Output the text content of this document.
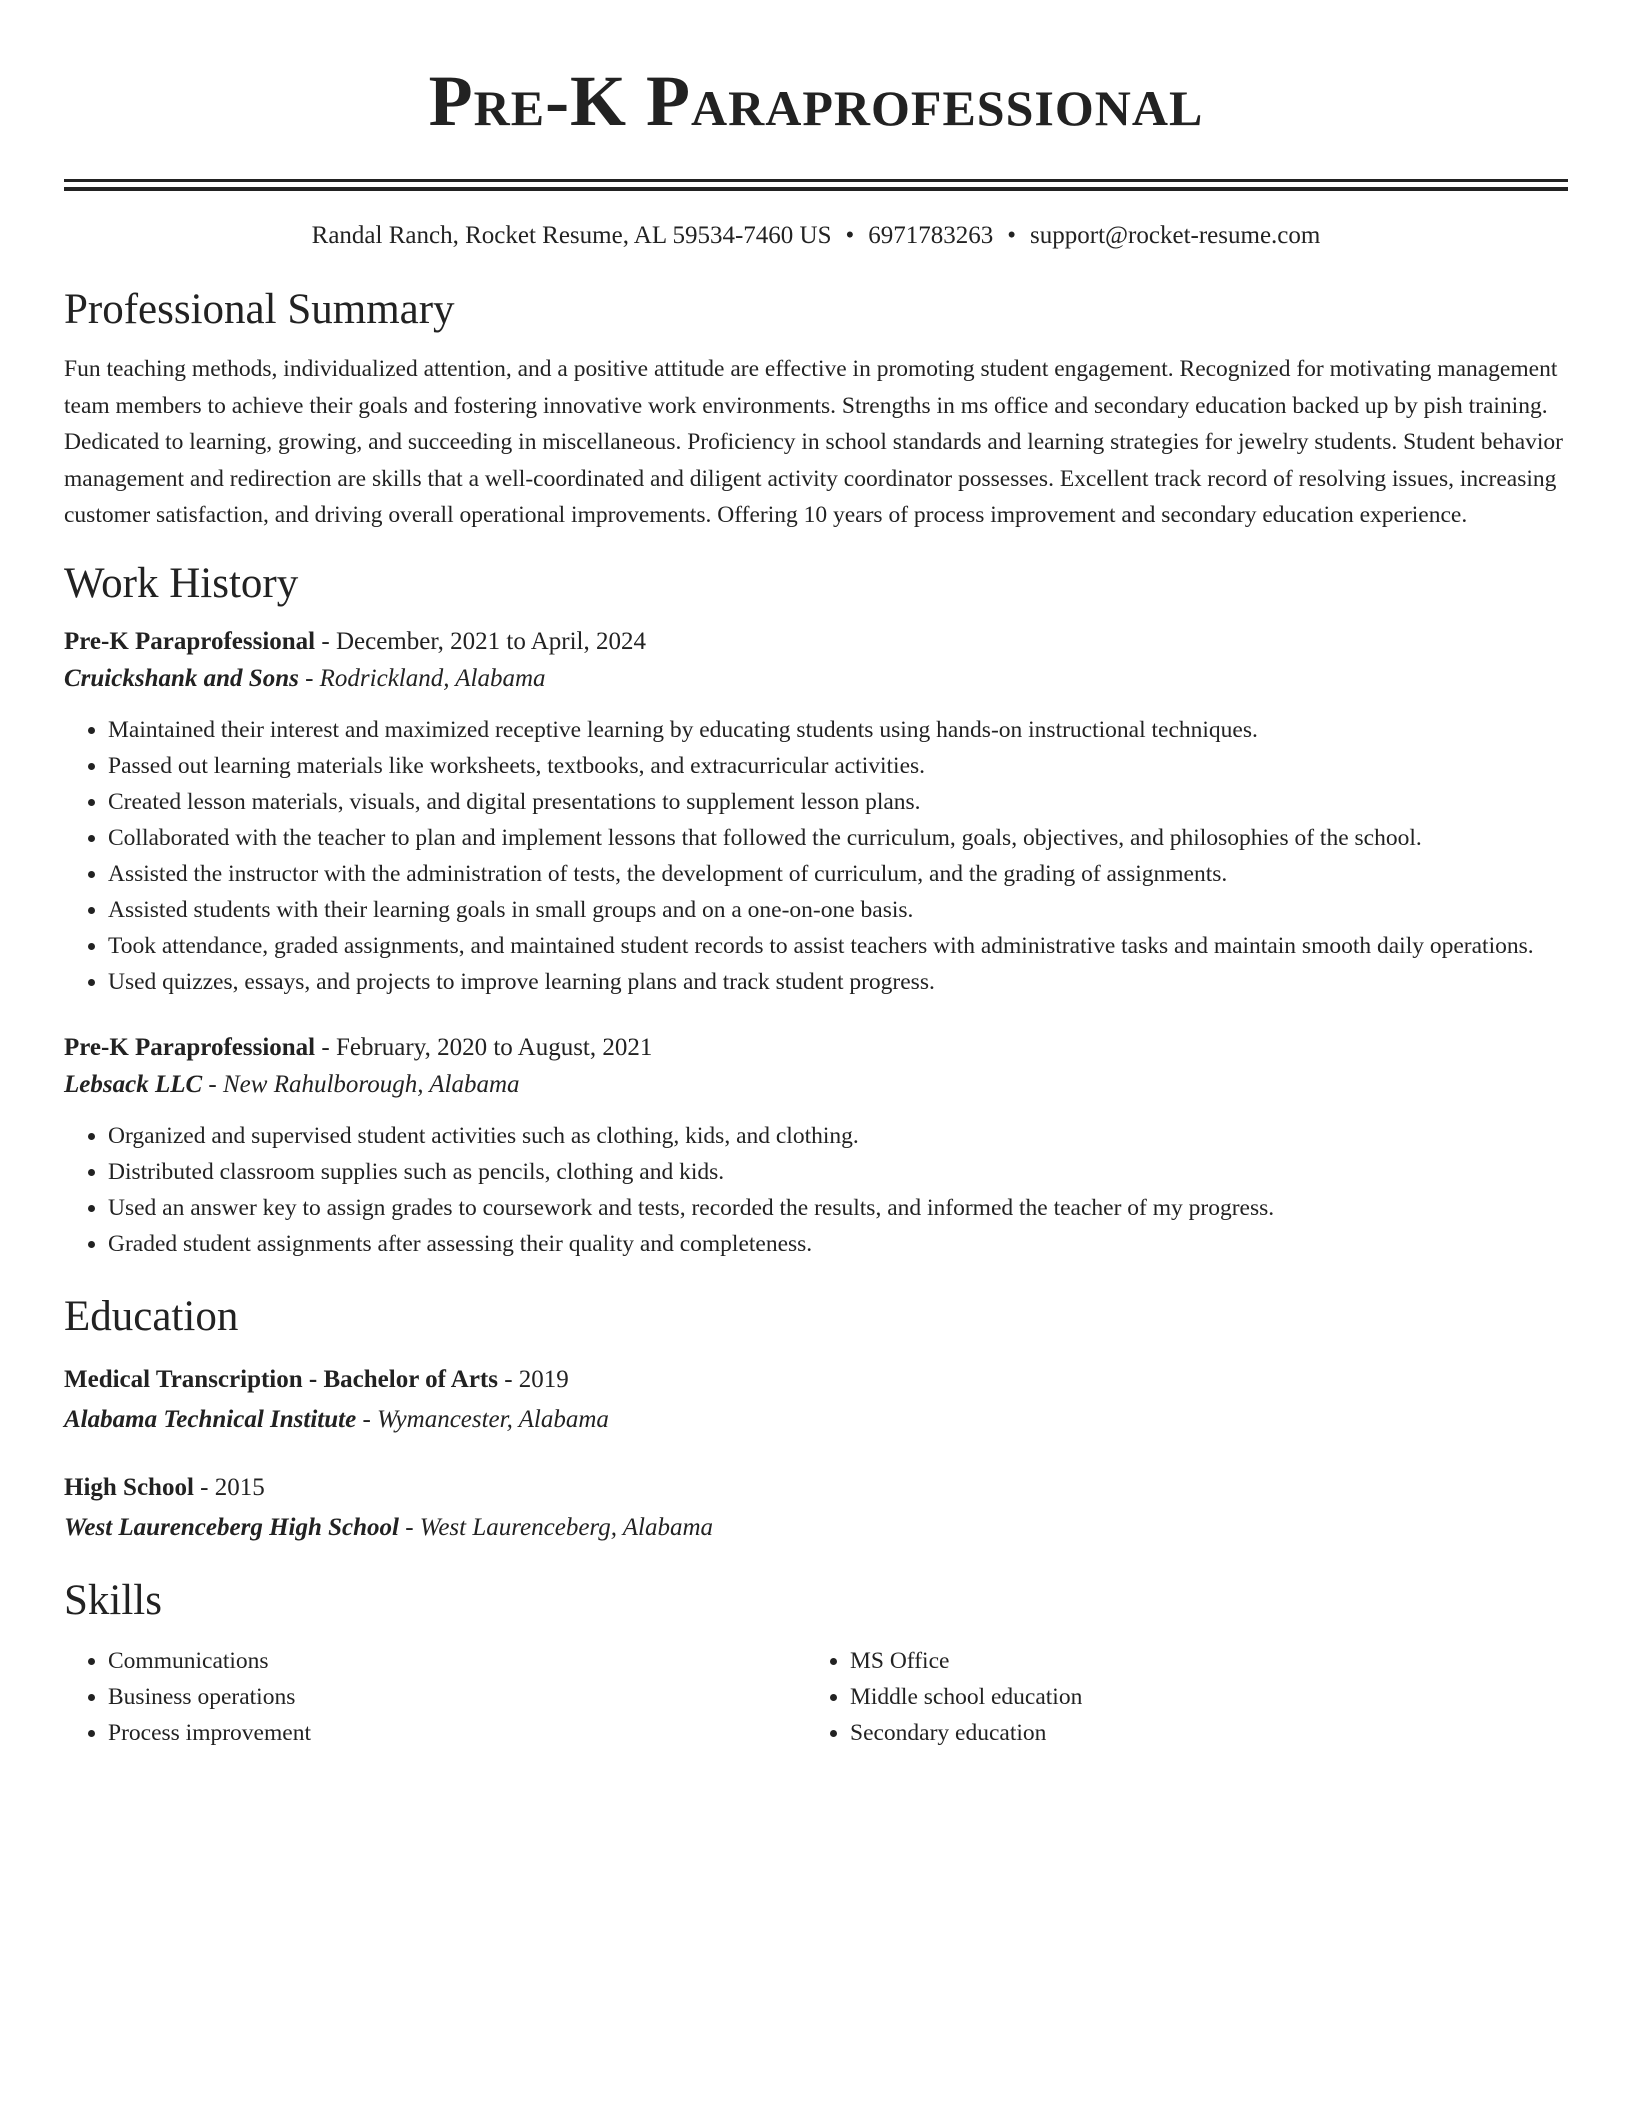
Pre-K Paraprofessional
Randal Ranch, Rocket Resume, AL 59534-7460 US • 6971783263 • support@rocket-resume.com
Professional Summary
Fun teaching methods, individualized attention, and a positive attitude are effective in promoting student engagement. Recognized for motivating management team members to achieve their goals and fostering innovative work environments. Strengths in ms office and secondary education backed up by pish training. Dedicated to learning, growing, and succeeding in miscellaneous. Proficiency in school standards and learning strategies for jewelry students. Student behavior management and redirection are skills that a well-coordinated and diligent activity coordinator possesses. Excellent track record of resolving issues, increasing customer satisfaction, and driving overall operational improvements. Offering 10 years of process improvement and secondary education experience.
Work History
Pre-K Paraprofessional - December, 2021 to April, 2024
Cruickshank and Sons - Rodrickland, Alabama
• Maintained their interest and maximized receptive learning by educating students using hands-on instructional techniques.
• Passed out learning materials like worksheets, textbooks, and extracurricular activities.
• Created lesson materials, visuals, and digital presentations to supplement lesson plans.
• Collaborated with the teacher to plan and implement lessons that followed the curriculum, goals, objectives, and philosophies of the school.
• Assisted the instructor with the administration of tests, the development of curriculum, and the grading of assignments.
• Assisted students with their learning goals in small groups and on a one-on-one basis.
• Took attendance, graded assignments, and maintained student records to assist teachers with administrative tasks and maintain smooth daily operations.
• Used quizzes, essays, and projects to improve learning plans and track student progress.
Pre-K Paraprofessional - February, 2020 to August, 2021
Lebsack LLC - New Rahulborough, Alabama
• Organized and supervised student activities such as clothing, kids, and clothing.
• Distributed classroom supplies such as pencils, clothing and kids.
• Used an answer key to assign grades to coursework and tests, recorded the results, and informed the teacher of my progress.
• Graded student assignments after assessing their quality and completeness.
Education
Medical Transcription - Bachelor of Arts - 2019
Alabama Technical Institute - Wymancester, Alabama
High School - 2015
West Laurenceberg High School - West Laurenceberg, Alabama
Skills
• Communications
• Business operations
• Process improvement
• MS Office
• Middle school education
• Secondary education
